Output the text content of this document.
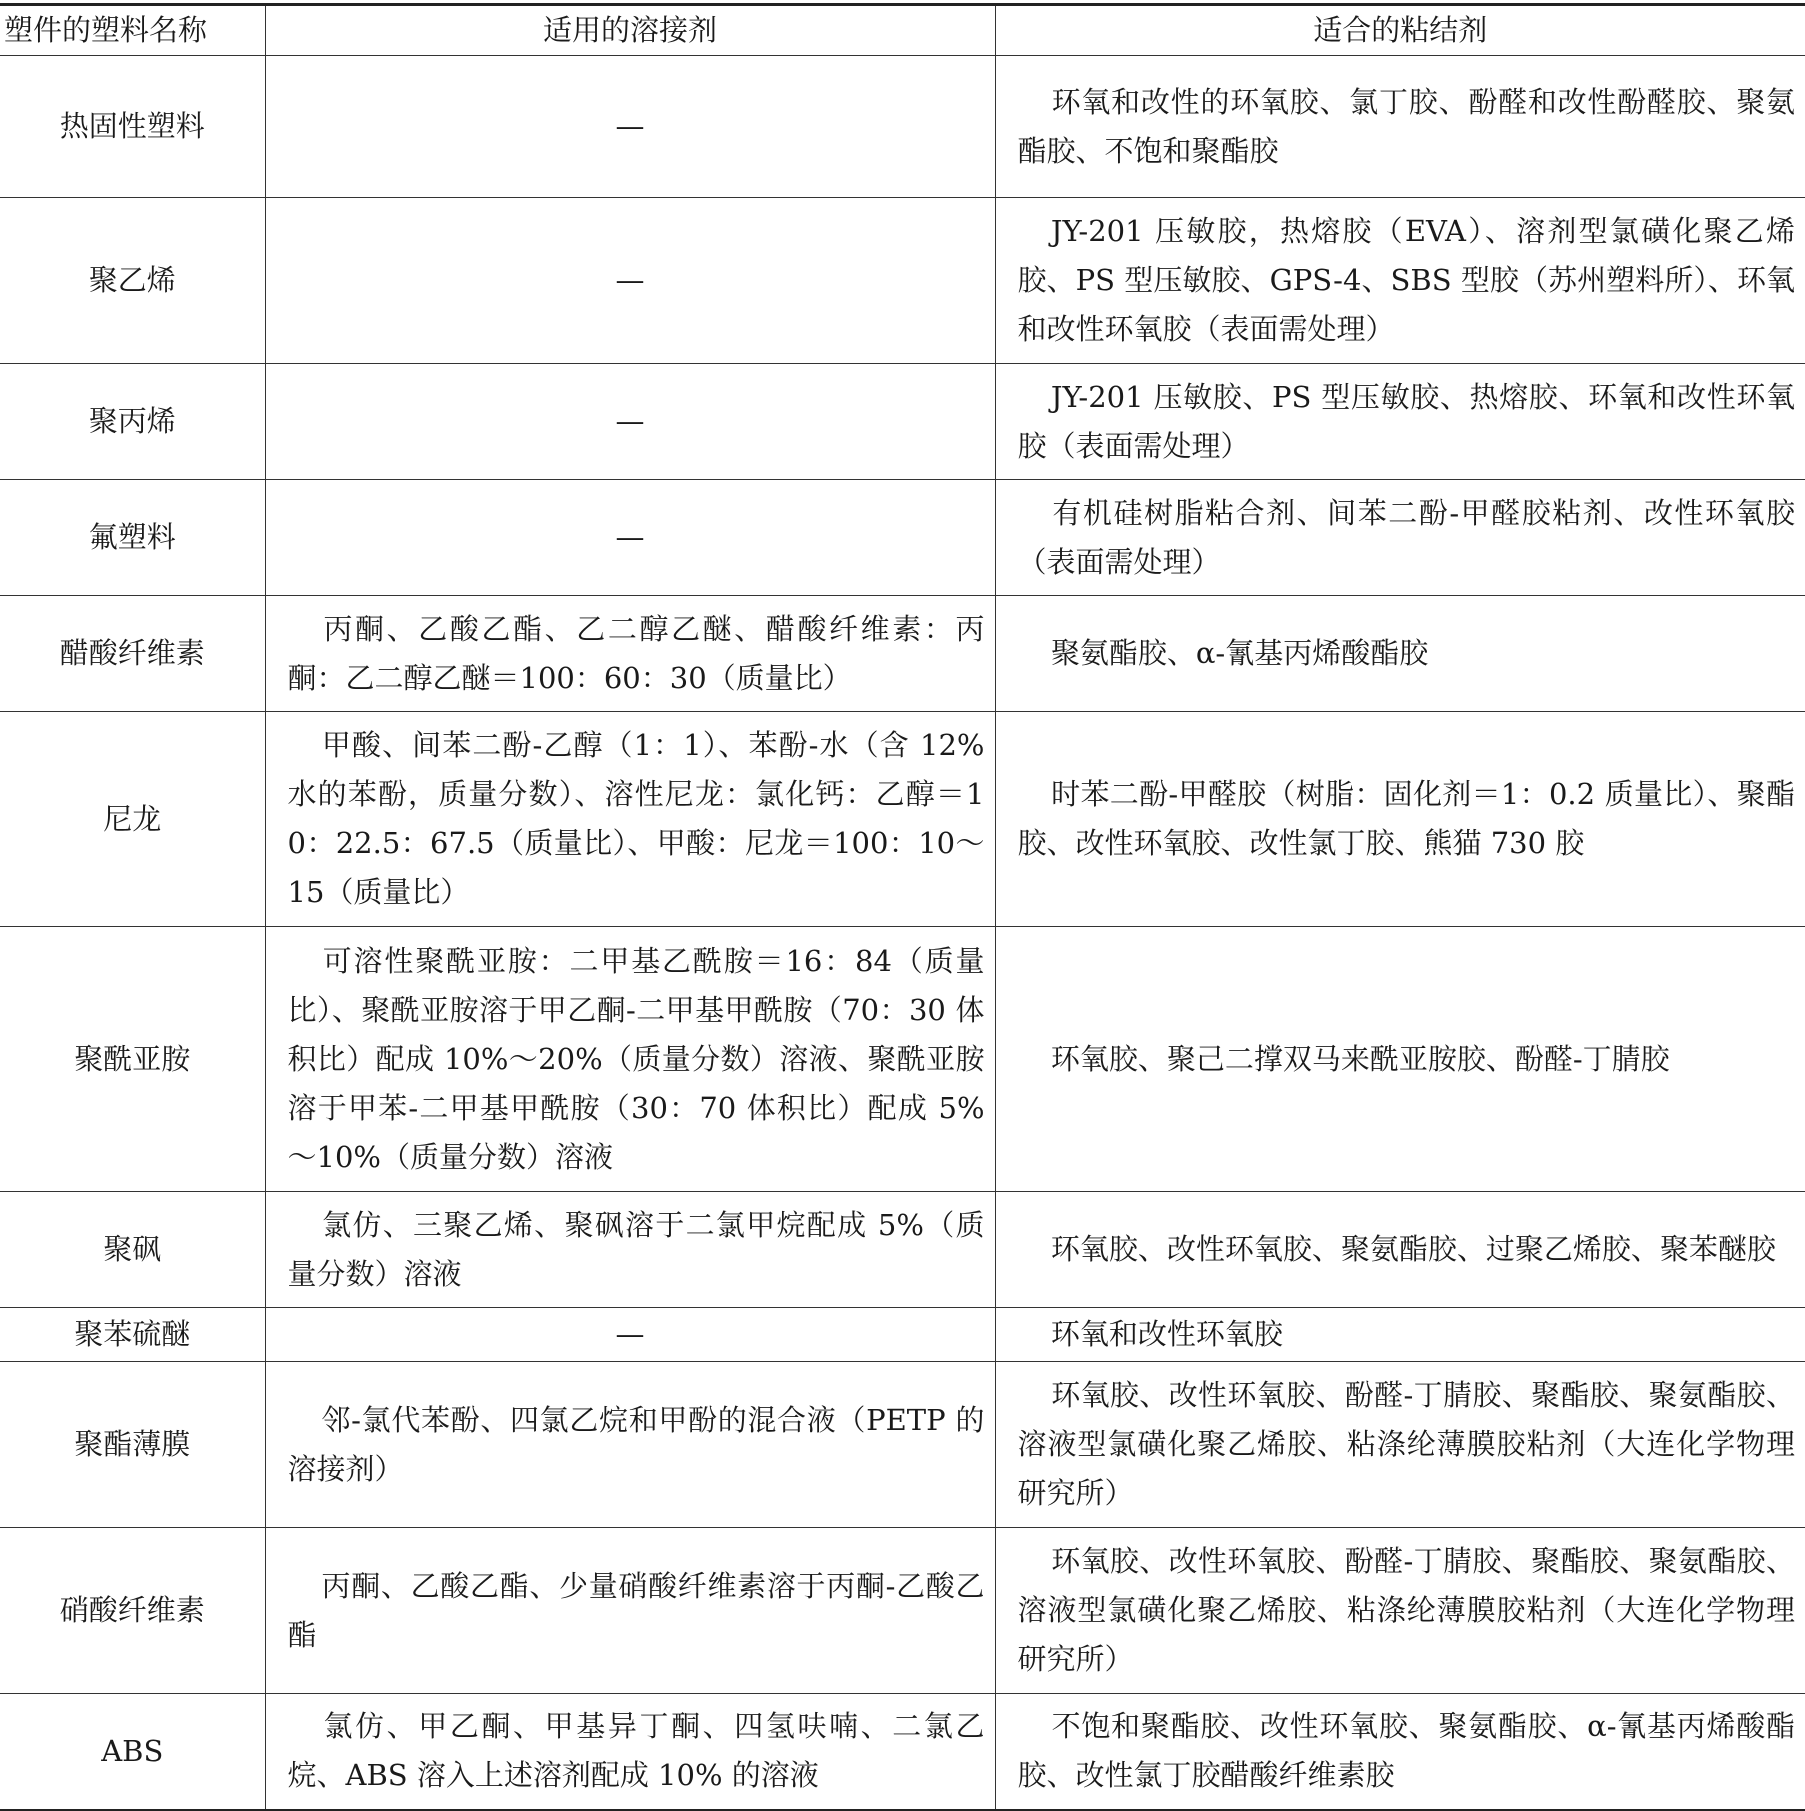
塑件的塑料名称	适用的溶接剂	适合的粘结剂
热固性塑料	—	环氧和改性的环氧胶、氯丁胶、酚醛和改性酚醛胶、聚氨酯胶、不饱和聚酯胶
聚乙烯	—	JY-201 压敏胶，热熔胶（EVA）、溶剂型氯磺化聚乙烯胶、PS 型压敏胶、GPS-4、SBS 型胶（苏州塑料所）、环氧和改性环氧胶（表面需处理）
聚丙烯	—	JY-201 压敏胶、PS 型压敏胶、热熔胶、环氧和改性环氧胶（表面需处理）
氟塑料	—	有机硅树脂粘合剂、间苯二酚-甲醛胶粘剂、改性环氧胶（表面需处理）
醋酸纤维素	丙酮、乙酸乙酯、乙二醇乙醚、醋酸纤维素：丙酮：乙二醇乙醚＝100：60：30（质量比）	聚氨酯胶、α-氰基丙烯酸酯胶
尼龙	甲酸、间苯二酚-乙醇（1：1）、苯酚-水（含 12% 水的苯酚，质量分数）、溶性尼龙：氯化钙：乙醇＝10：22.5：67.5（质量比）、甲酸：尼龙＝100：10～15（质量比）	时苯二酚-甲醛胶（树脂：固化剂＝1：0.2 质量比）、聚酯胶、改性环氧胶、改性氯丁胶、熊猫 730 胶
聚酰亚胺	可溶性聚酰亚胺：二甲基乙酰胺＝16：84（质量比）、聚酰亚胺溶于甲乙酮-二甲基甲酰胺（70：30 体积比）配成 10%～20%（质量分数）溶液、聚酰亚胺溶于甲苯-二甲基甲酰胺（30：70 体积比）配成 5%～10%（质量分数）溶液	环氧胶、聚己二撑双马来酰亚胺胶、酚醛-丁腈胶
聚砜	氯仿、三聚乙烯、聚砜溶于二氯甲烷配成 5%（质量分数）溶液	环氧胶、改性环氧胶、聚氨酯胶、过聚乙烯胶、聚苯醚胶
聚苯硫醚	—	环氧和改性环氧胶
聚酯薄膜	邻-氯代苯酚、四氯乙烷和甲酚的混合液（PETP 的溶接剂）	环氧胶、改性环氧胶、酚醛-丁腈胶、聚酯胶、聚氨酯胶、溶液型氯磺化聚乙烯胶、粘涤纶薄膜胶粘剂（大连化学物理研究所）
硝酸纤维素	丙酮、乙酸乙酯、少量硝酸纤维素溶于丙酮-乙酸乙酯	环氧胶、改性环氧胶、酚醛-丁腈胶、聚酯胶、聚氨酯胶、溶液型氯磺化聚乙烯胶、粘涤纶薄膜胶粘剂（大连化学物理研究所）
ABS	氯仿、甲乙酮、甲基异丁酮、四氢呋喃、二氯乙烷、ABS 溶入上述溶剂配成 10% 的溶液	不饱和聚酯胶、改性环氧胶、聚氨酯胶、α-氰基丙烯酸酯胶、改性氯丁胶醋酸纤维素胶
